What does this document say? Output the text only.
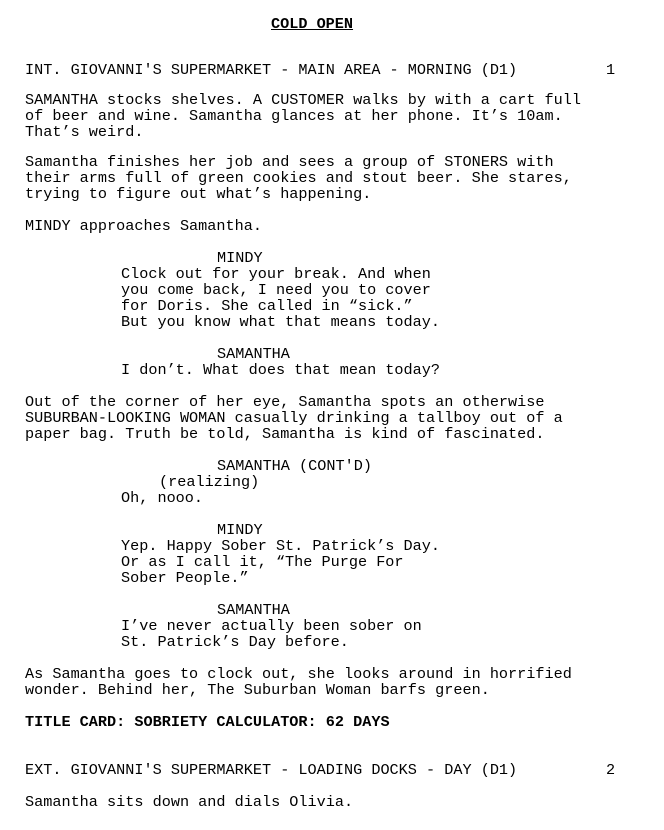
COLD OPEN
INT. GIOVANNI'S SUPERMARKET - MAIN AREA - MORNING (D1)	1
SAMANTHA stocks shelves. A CUSTOMER walks by with a cart full
of beer and wine. Samantha glances at her phone. It’s 10am.
That’s weird.
Samantha finishes her job and sees a group of STONERS with
their arms full of green cookies and stout beer. She stares,
trying to figure out what’s happening.
MINDY approaches Samantha.
MINDY
Clock out for your break. And when
you come back, I need you to cover
for Doris. She called in “sick.”
But you know what that means today.
SAMANTHA
I don’t. What does that mean today?
Out of the corner of her eye, Samantha spots an otherwise
SUBURBAN-LOOKING WOMAN casually drinking a tallboy out of a
paper bag. Truth be told, Samantha is kind of fascinated.
SAMANTHA (CONT'D)
(realizing)
Oh, nooo.
MINDY
Yep. Happy Sober St. Patrick’s Day.
Or as I call it, “The Purge For
Sober People.”
SAMANTHA
I’ve never actually been sober on
St. Patrick’s Day before.
As Samantha goes to clock out, she looks around in horrified
wonder. Behind her, The Suburban Woman barfs green.
TITLE CARD: SOBRIETY CALCULATOR: 62 DAYS
EXT. GIOVANNI'S SUPERMARKET - LOADING DOCKS - DAY (D1)	2
Samantha sits down and dials Olivia.
